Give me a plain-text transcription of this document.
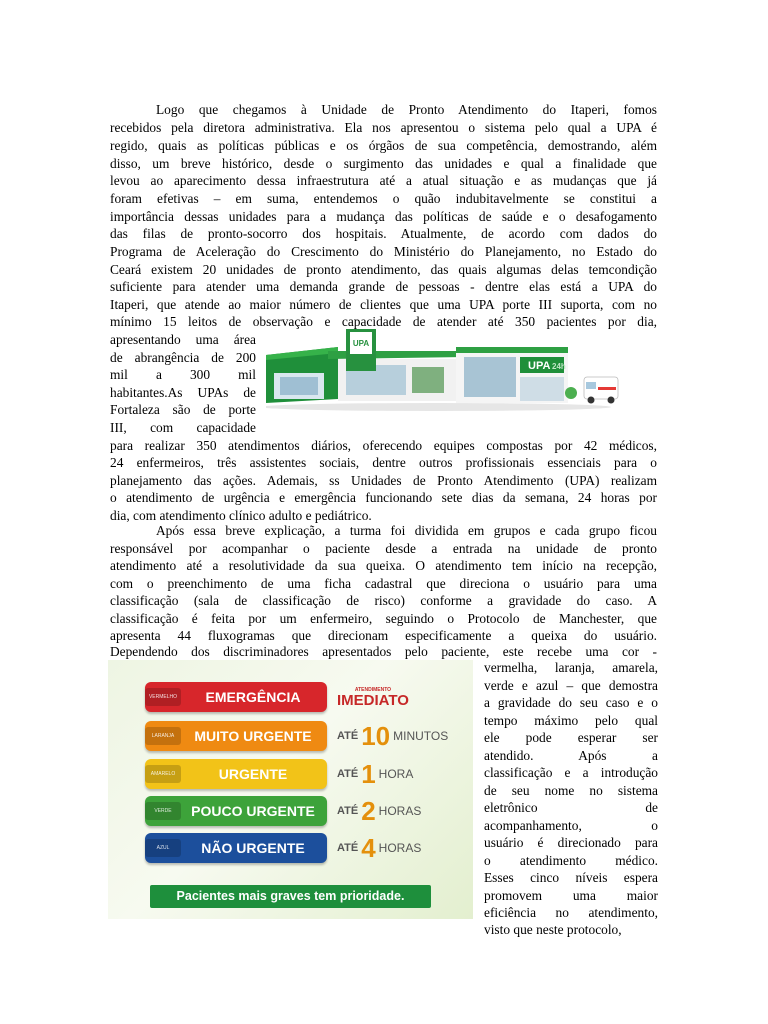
Logo que chegamos à Unidade de Pronto Atendimento do Itaperi, fomos
recebidos pela diretora administrativa. Ela nos apresentou o sistema pelo qual a UPA é
regido, quais as políticas públicas e os órgãos de sua competência, demostrando, além
disso, um breve histórico, desde o surgimento das unidades e qual a finalidade que
levou ao aparecimento dessa infraestrutura até a atual situação e as mudanças que já
foram efetivas – em suma, entendemos o quão indubitavelmente se constitui a
importância dessas unidades para a mudança das políticas de saúde e o desafogamento
das filas de pronto-socorro dos hospitais. Atualmente, de acordo com dados do
Programa de Aceleração do Crescimento do Ministério do Planejamento, no Estado do
Ceará existem 20 unidades de pronto atendimento, das quais algumas delas temcondição
suficiente para atender uma demanda grande de pessoas - dentre elas está a UPA do
Itaperi, que atende ao maior número de clientes que uma UPA porte III suporta, com no
mínimo 15 leitos de observação e capacidade de atender até 350 pacientes por dia,
apresentando uma área
de abrangência de 200
mil a 300 mil
habitantes.As UPAs de
Fortaleza são de porte
III, com capacidade
para realizar 350 atendimentos diários, oferecendo equipes compostas por 42 médicos,
24 enfermeiros, três assistentes sociais, dentre outros profissionais essenciais para o
planejamento das ações. Ademais, ss Unidades de Pronto Atendimento (UPA) realizam
o atendimento de urgência e emergência funcionando sete dias da semana, 24 horas por
dia, com atendimento clínico adulto e pediátrico.
UPA
UPA 24h
Após essa breve explicação, a turma foi dividida em grupos e cada grupo ficou
responsável por acompanhar o paciente desde a entrada na unidade de pronto
atendimento até a resolutividade da sua queixa. O atendimento tem início na recepção,
com o preenchimento de uma ficha cadastral que direciona o usuário para uma
classificação (sala de classificação de risco) conforme a gravidade do caso. A
classificação é feita por um enfermeiro, seguindo o Protocolo de Manchester, que
apresenta 44 fluxogramas que direcionam especificamente a queixa do usuário.
Dependendo dos discriminadores apresentados pelo paciente, este recebe uma cor -
vermelha, laranja, amarela,
verde e azul – que demostra
a gravidade do seu caso e o
tempo máximo pelo qual
ele pode esperar ser
atendido. Após a
classificação e a introdução
de seu nome no sistema
eletrônico de
acompanhamento, o
usuário é direcionado para
o atendimento médico.
Esses cinco níveis espera
promovem uma maior
eficiência no atendimento,
visto que neste protocolo,
VERMELHO	EMERGÊNCIA	ATENDIMENTO
IMEDIATO
LARANJA	MUITO URGENTE	ATÉ 10 MINUTOS
AMARELO	URGENTE	ATÉ 1 HORA
VERDE	POUCO URGENTE	ATÉ 2 HORAS
AZUL	NÃO URGENTE	ATÉ 4 HORAS
Pacientes mais graves tem prioridade.
